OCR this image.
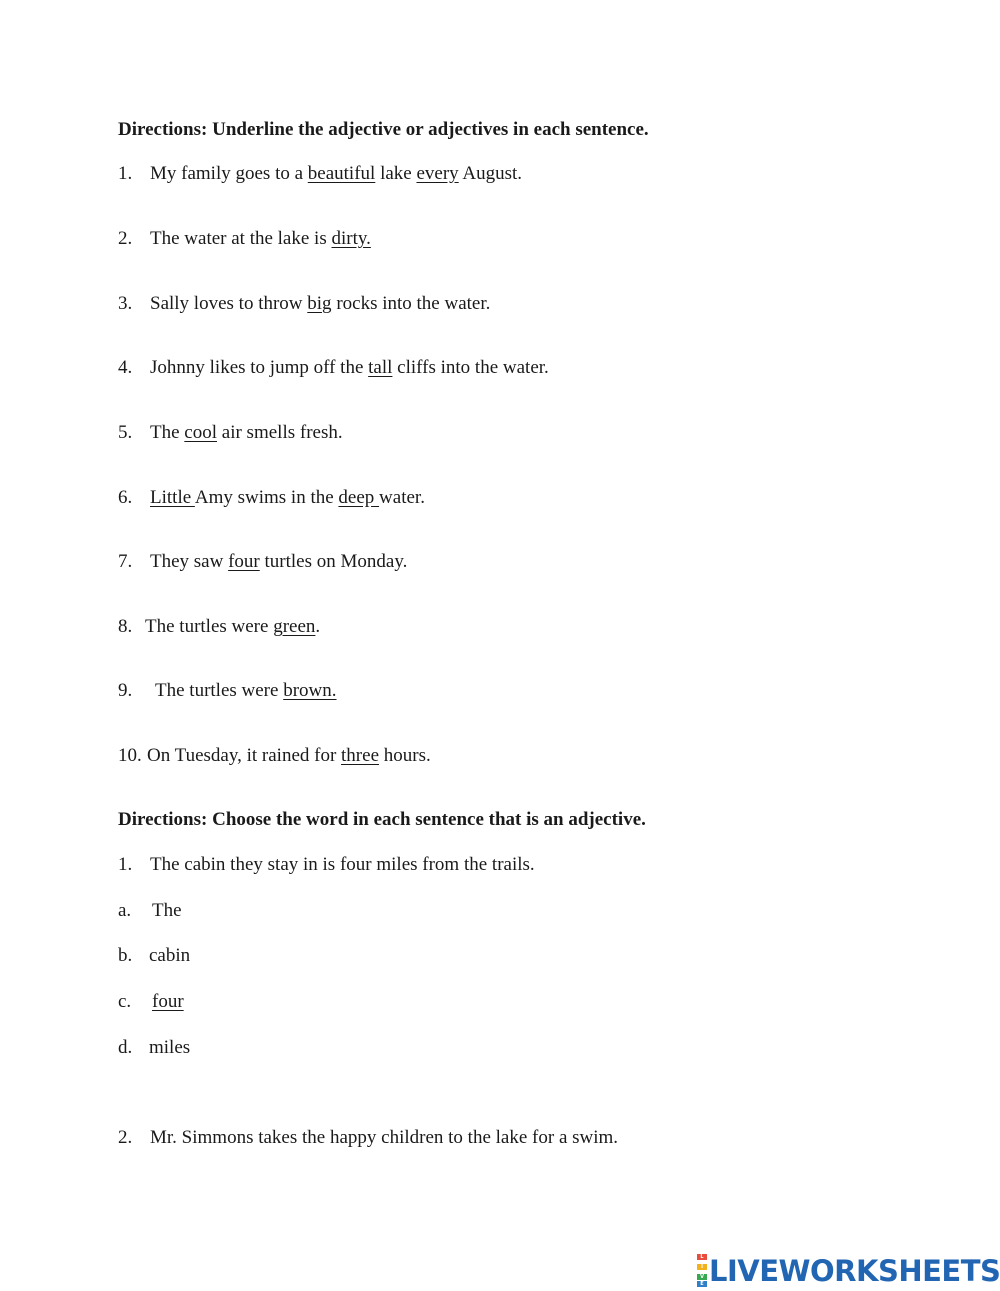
Directions: Underline the adjective or adjectives in each sentence.
1. My family goes to a beautiful lake every August.
2. The water at the lake is dirty.
3. Sally loves to throw big rocks into the water.
4. Johnny likes to jump off the tall cliffs into the water.
5. The cool air smells fresh.
6. Little Amy swims in the deep water.
7. They saw four turtles on Monday.
8. The turtles were green.
9. The turtles were brown.
10. On Tuesday, it rained for three hours.
Directions: Choose the word in each sentence that is an adjective.
1. The cabin they stay in is four miles from the trails.
a. The
b. cabin
c. four
d. miles
2. Mr. Simmons takes the happy children to the lake for a swim.
L
I
V
E LIVEWORKSHEETS
